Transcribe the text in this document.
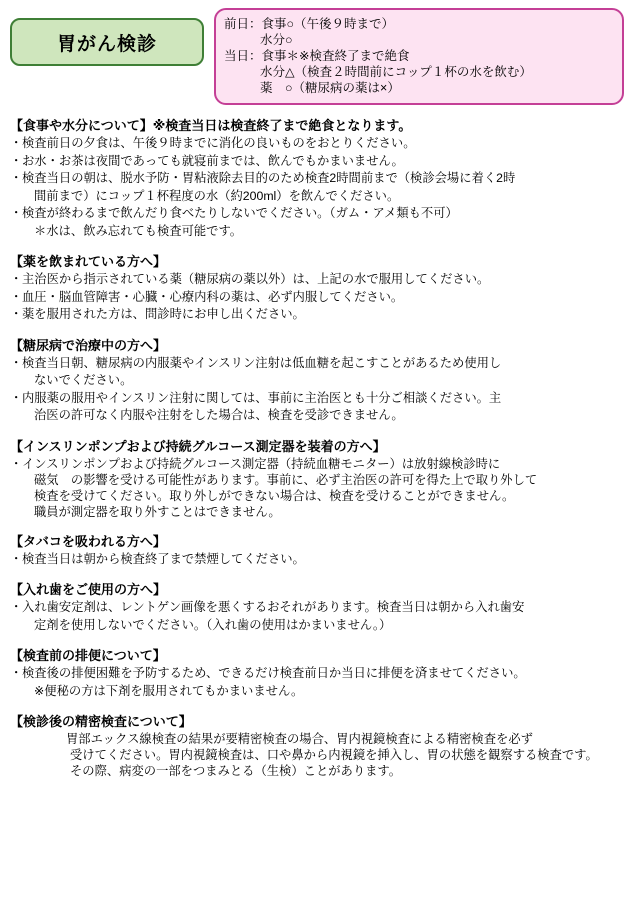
胃がん検診
前日：食事○（午後９時まで）
水分○
当日：食事＊※検査終了まで絶食
水分△（検査２時間前にコップ１杯の水を飲む）
薬　○（糖尿病の薬は×）
【食事や水分について】※検査当日は検査終了まで絶食となります。
・ 検査前日の夕食は、午後９時までに消化の良いものをおとりください。
・ お水・お茶は夜間であっても就寝前までは、飲んでもかまいません。
・ 検査当日の朝は、脱水予防・胃粘液除去目的のため検査2時間前まで（検診会場に着く2時
間前まで）にコップ１杯程度の水（約200ml）を飲んでください。
・ 検査が終わるまで飲んだり食べたりしないでください。（ガム・アメ類も不可）
＊水は、飲み忘れても検査可能です。
【薬を飲まれている方へ】
・ 主治医から指示されている薬（糖尿病の薬以外）は、上記の水で服用してください。
・ 血圧・脳血管障害・心臓・心療内科の薬は、必ず内服してください。
・ 薬を服用された方は、問診時にお申し出ください。
【糖尿病で治療中の方へ】
・ 検査当日朝、糖尿病の内服薬やインスリン注射は低血糖を起こすことがあるため使用し
ないでください。
・ 内服薬の服用やインスリン注射に関しては、事前に主治医とも十分ご相談ください。主
治医の許可なく内服や注射をした場合は、検査を受診できません。
【インスリンポンプおよび持続グルコース測定器を装着の方へ】
・ インスリンポンプおよび持続グルコース測定器（持続血糖モニター）は放射線検診時に
磁気　の影響を受ける可能性があります。事前に、必ず主治医の許可を得た上で取り外して
検査を受けてください。取り外しができない場合は、検査を受けることができません。
職員が測定器を取り外すことはできません。
【タバコを吸われる方へ】
・ 検査当日は朝から検査終了まで禁煙してください。
【入れ歯をご使用の方へ】
・ 入れ歯安定剤は、レントゲン画像を悪くするおそれがあります。検査当日は朝から入れ歯安
定剤を使用しないでください。（入れ歯の使用はかまいません。）
【検査前の排便について】
・ 検査後の排便困難を予防するため、できるだけ検査前日か当日に排便を済ませてください。
※便秘の方は下剤を服用されてもかまいません。
【検診後の精密検査について】
胃部エックス線検査の結果が要精密検査の場合、胃内視鏡検査による精密検査を必ず
受けてください。胃内視鏡検査は、口や鼻から内視鏡を挿入し、胃の状態を観察する検査です。
その際、病変の一部をつまみとる（生検）ことがあります。
